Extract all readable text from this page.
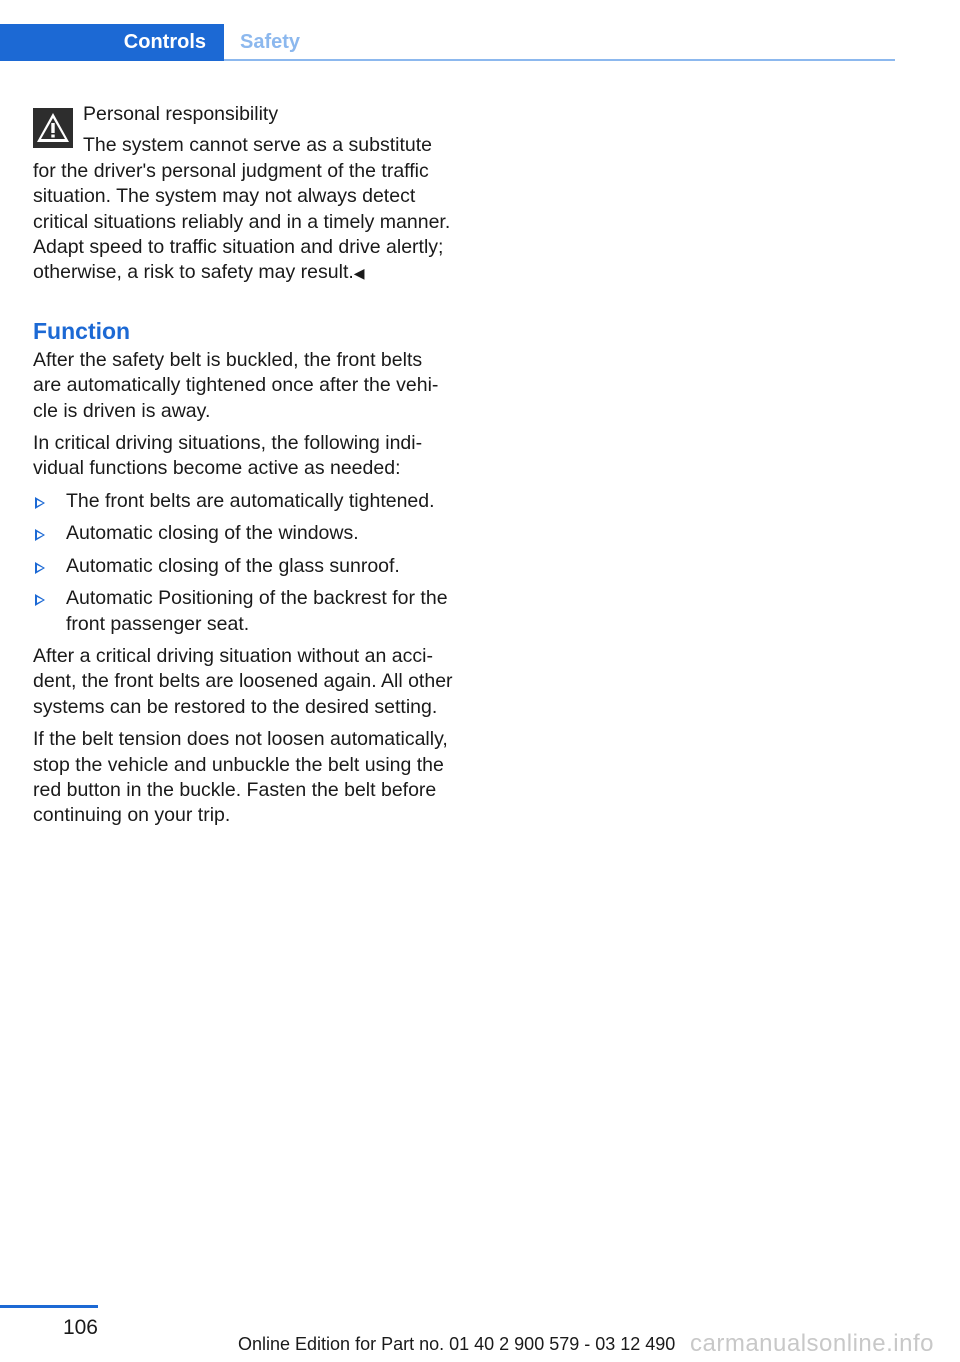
Controls Safety

Personal responsibility

The system cannot serve as a substitute for the driver's personal judgment of the traffic situation. The system may not always detect critical situations reliably and in a timely manner. Adapt speed to traffic situation and drive alertly; otherwise, a risk to safety may result.◀

Function

After the safety belt is buckled, the front belts are automatically tightened once after the vehicle is driven is away.

In critical driving situations, the following individual functions become active as needed:

The front belts are automatically tightened.
Automatic closing of the windows.
Automatic closing of the glass sunroof.
Automatic Positioning of the backrest for the front passenger seat.

After a critical driving situation without an accident, the front belts are loosened again. All other systems can be restored to the desired setting.

If the belt tension does not loosen automatically, stop the vehicle and unbuckle the belt using the red button in the buckle. Fasten the belt before continuing on your trip.

106
Online Edition for Part no. 01 40 2 900 579 - 03 12 490 carmanualsonline.info
